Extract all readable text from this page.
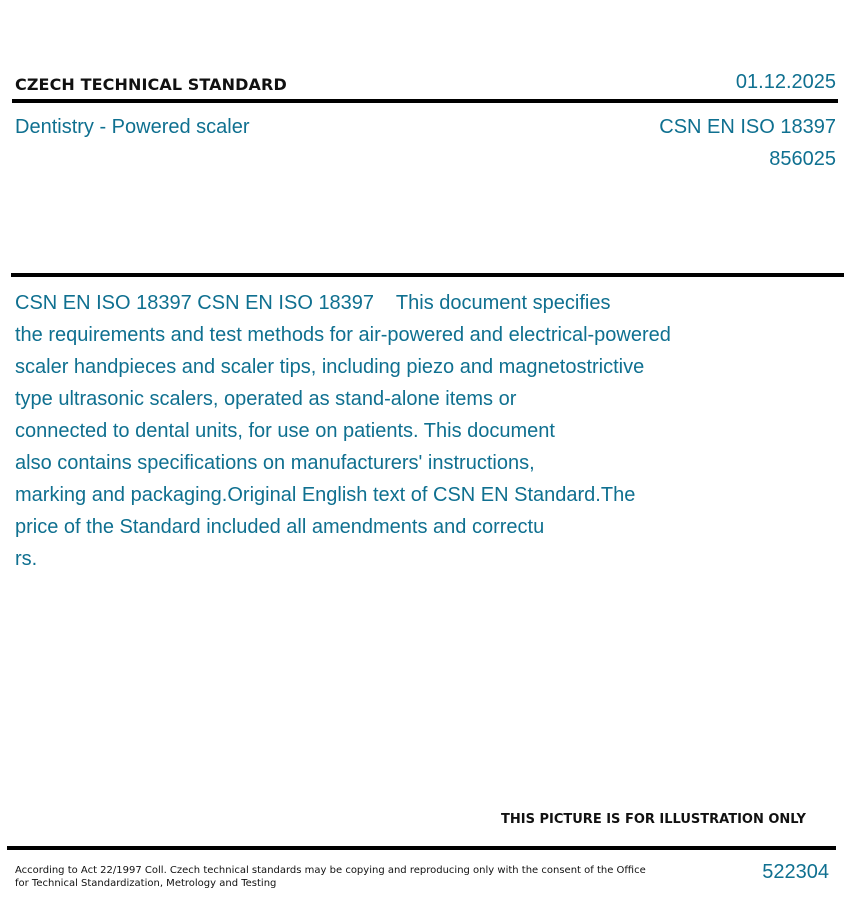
CZECH TECHNICAL STANDARD	01.12.2025
Dentistry - Powered scaler	CSN EN ISO 18397
856025

CSN EN ISO 18397 CSN EN ISO 18397    This document specifies
the requirements and test methods for air-powered and electrical-powered
scaler handpieces and scaler tips, including piezo and magnetostrictive
type ultrasonic scalers, operated as stand-alone items or
connected to dental units, for use on patients. This document
also contains specifications on manufacturers' instructions,
marking and packaging.Original English text of CSN EN Standard.The
price of the Standard included all amendments and correctu
rs.

THIS PICTURE IS FOR ILLUSTRATION ONLY
According to Act 22/1997 Coll. Czech technical standards may be copying and reproducing only with the consent of the Office
for Technical Standardization, Metrology and Testing
522304
